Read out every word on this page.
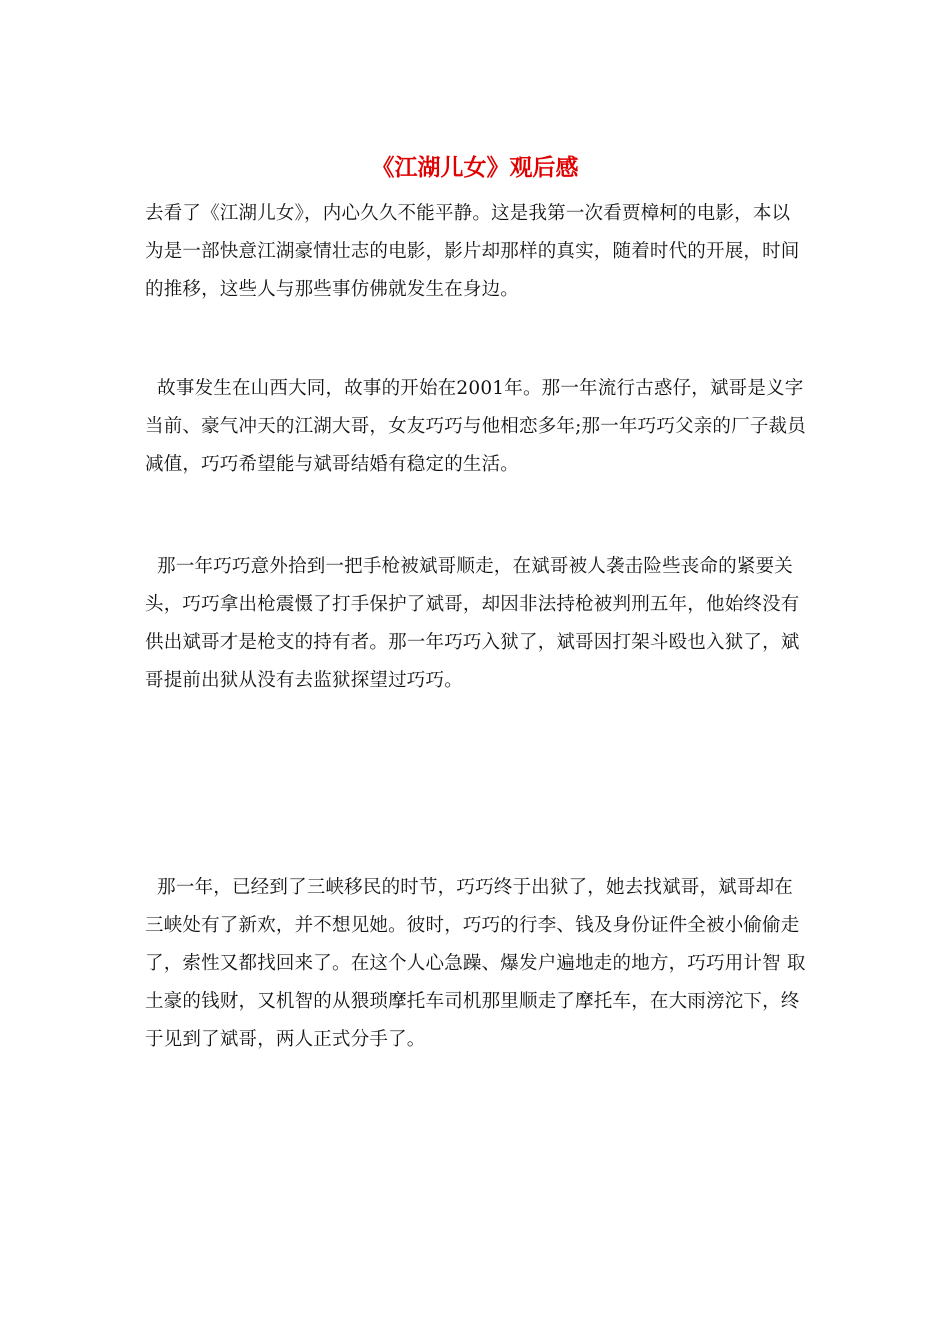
《江湖儿女》观后感

去看了《江湖儿女》，内心久久不能平静。这是我第一次看贾樟柯的电影，本以为是一部快意江湖豪情壮志的电影，影片却那样的真实，随着时代的开展，时间的推移，这些人与那些事仿佛就发生在身边。

故事发生在山西大同，故事的开始在2001年。那一年流行古惑仔，斌哥是义字当前、豪气冲天的江湖大哥，女友巧巧与他相恋多年;那一年巧巧父亲的厂子裁员减值，巧巧希望能与斌哥结婚有稳定的生活。

那一年巧巧意外拾到一把手枪被斌哥顺走，在斌哥被人袭击险些丧命的紧要关头，巧巧拿出枪震慑了打手保护了斌哥，却因非法持枪被判刑五年，他始终没有供出斌哥才是枪支的持有者。那一年巧巧入狱了，斌哥因打架斗殴也入狱了，斌哥提前出狱从没有去监狱探望过巧巧。

那一年，已经到了三峡移民的时节，巧巧终于出狱了，她去找斌哥，斌哥却在三峡处有了新欢，并不想见她。彼时，巧巧的行李、钱及身份证件全被小偷偷走了，索性又都找回来了。在这个人心急躁、爆发户遍地走的地方，巧巧用计智 取土豪的钱财，又机智的从猥琐摩托车司机那里顺走了摩托车，在大雨滂沱下，终于见到了斌哥，两人正式分手了。
